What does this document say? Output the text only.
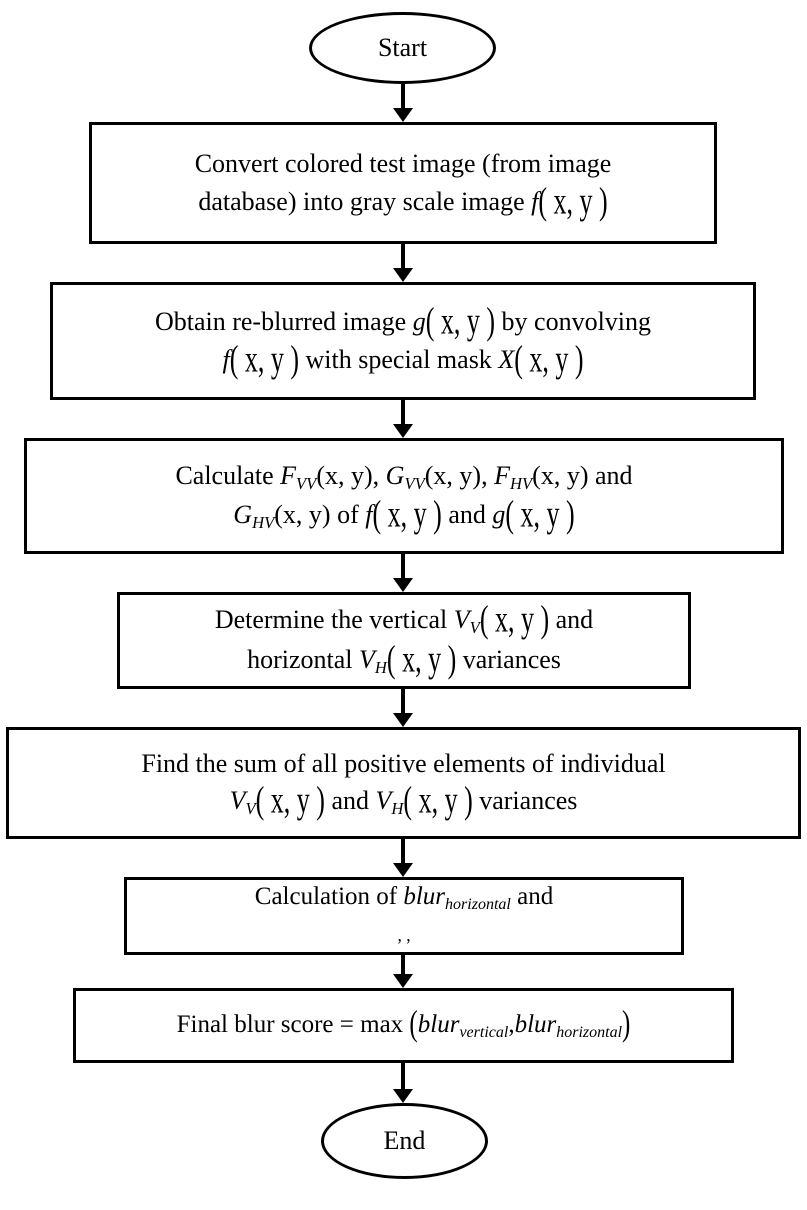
Start
Convert colored test image (from image
database) into gray scale image f( x, y )
Obtain re-blurred image g( x, y ) by convolving
f( x, y ) with special mask X( x, y )
Calculate $F_{VV}(x$, y), $G_{VV}(x$, y), $F_{HV}(x$, y) and
$G_{HV}(x$, y) of f( x, y ) and g( x, y )
Determine the vertical $V_V$( x, y ) and
horizontal $V_H$( x, y ) variances
Find the sum of all positive elements of individual
$V_V$( x, y ) and $V_H$( x, y ) variances
Calculation of blur$_{horizontal}$ and
, ,
Final blur score = max (blur$_{vertical}$,blur$_{horizontal}$)
End
